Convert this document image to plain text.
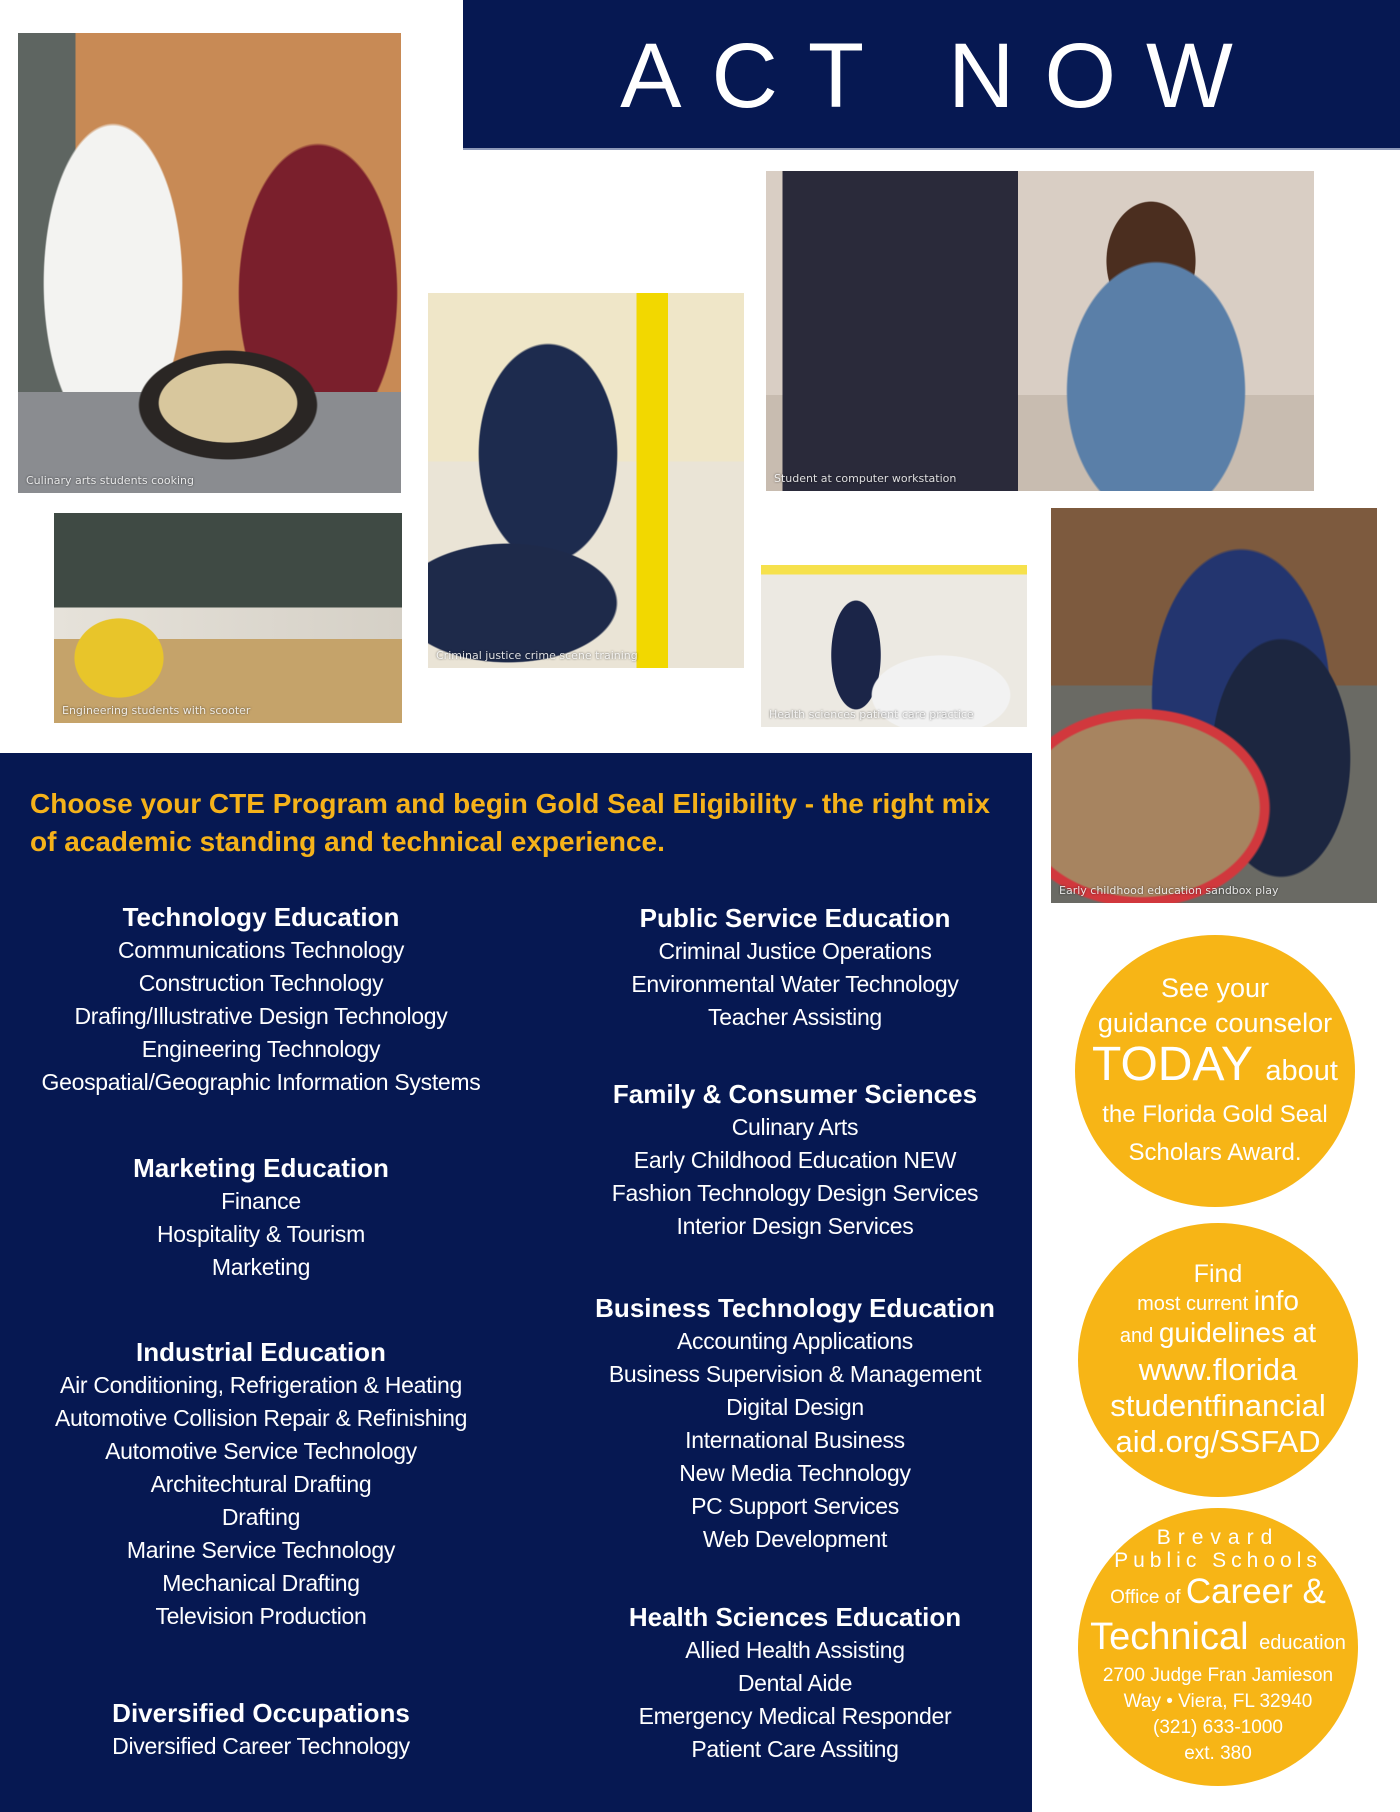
ACT NOW
Culinary arts students cooking
Engineering students with scooter
Criminal justice crime scene training
Student at computer workstation
Health sciences patient care practice
Early childhood education sandbox play
Choose your CTE Program and begin Gold Seal Eligibility - the right mix of academic standing and technical experience.
Technology Education
Communications Technology
Construction Technology
Drafing/Illustrative Design Technology
Engineering Technology
Geospatial/Geographic Information Systems
Marketing Education
Finance
Hospitality & Tourism
Marketing
Industrial Education
Air Conditioning, Refrigeration & Heating
Automotive Collision Repair & Refinishing
Automotive Service Technology
Architechtural Drafting
Drafting
Marine Service Technology
Mechanical Drafting
Television Production
Diversified Occupations
Diversified Career Technology
Public Service Education
Criminal Justice Operations
Environmental Water Technology
Teacher Assisting
Family & Consumer Sciences
Culinary Arts
Early Childhood Education NEW
Fashion Technology Design Services
Interior Design Services
Business Technology Education
Accounting Applications
Business Supervision & Management
Digital Design
International Business
New Media Technology
PC Support Services
Web Development
Health Sciences Education
Allied Health Assisting
Dental Aide
Emergency Medical Responder
Patient Care Assiting
See your
guidance counselor
TODAY about
the Florida Gold Seal
Scholars Award.
Find
most current info
and guidelines at
www.florida
studentfinancial
aid.org/SSFAD
Brevard
Public Schools
Office of Career &
Technical education
2700 Judge Fran Jamieson
Way • Viera, FL 32940
(321) 633-1000
ext. 380
